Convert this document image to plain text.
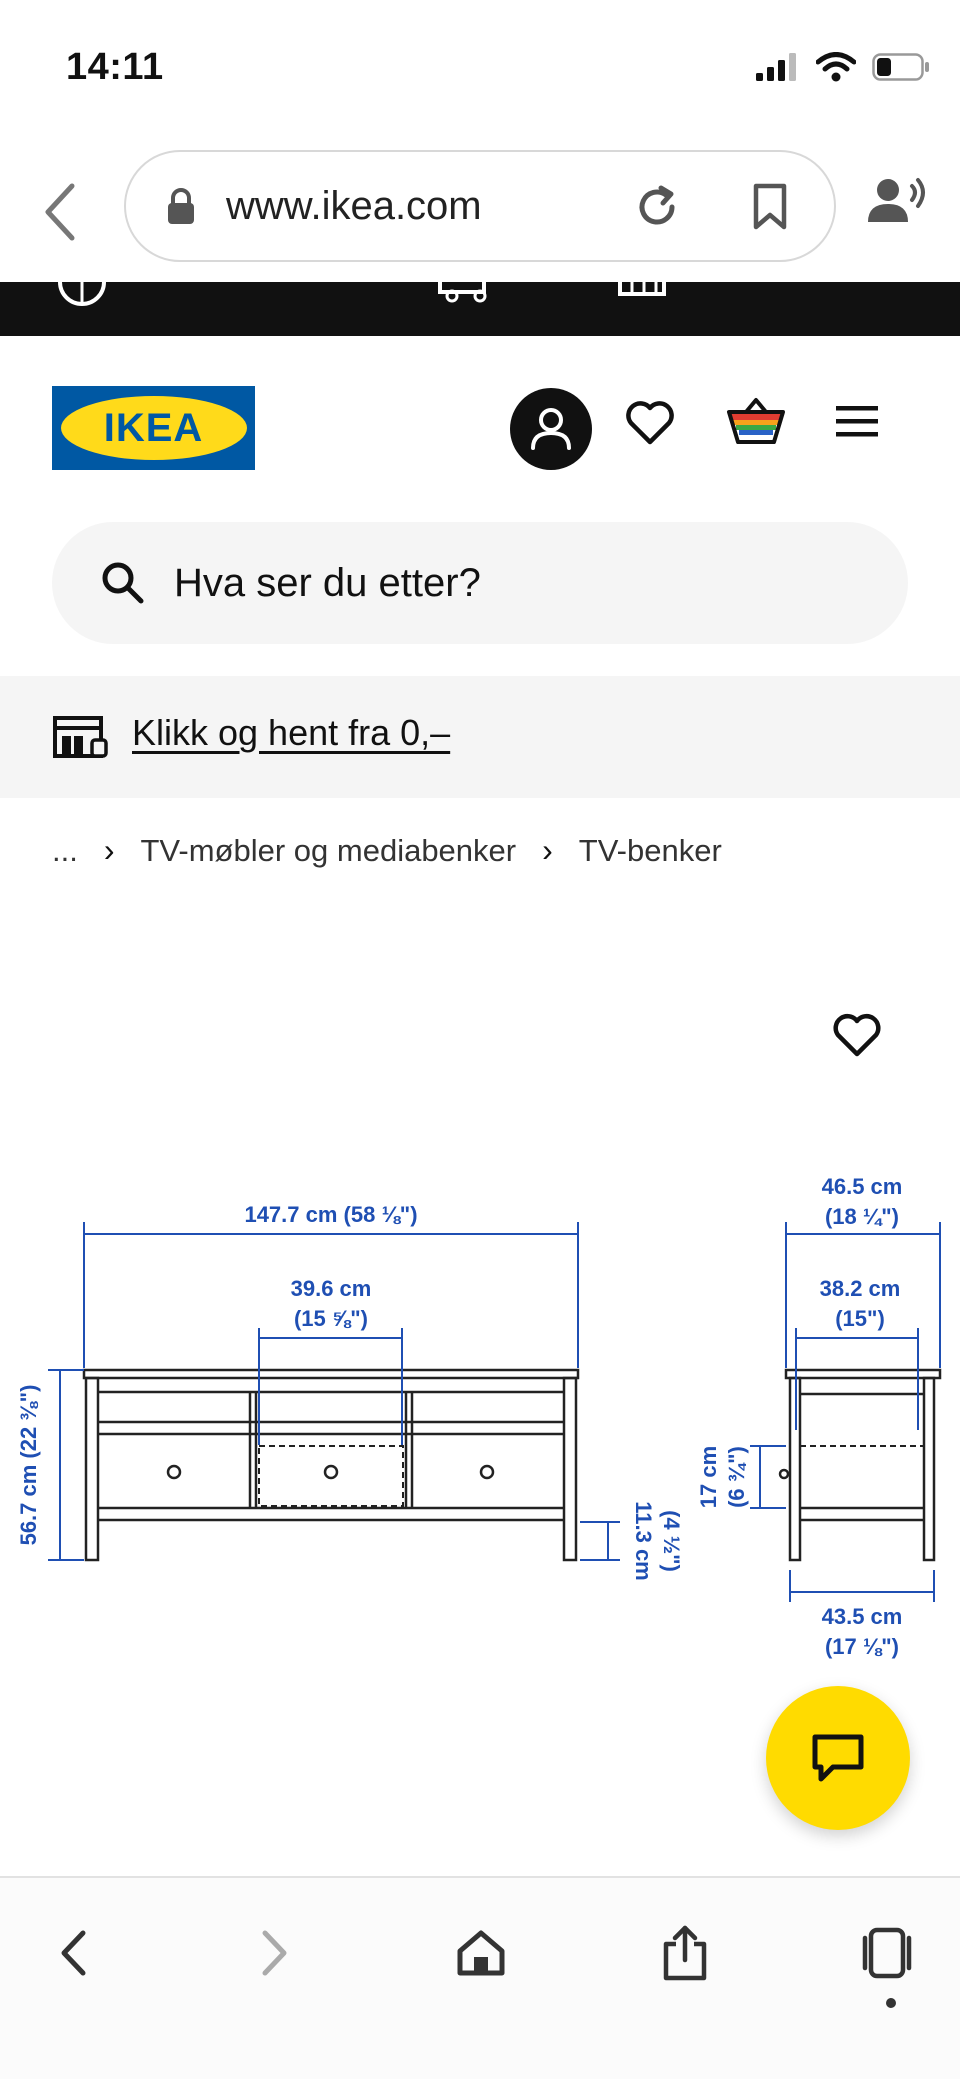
14:11
www.ikea.com
IKEA
Hva ser du etter?
Klikk og hent fra 0,–
... › TV-møbler og mediabenker › TV-benker
147.7 cm (58 ⅛")
39.6 cm
(15 ⅝")
56.7 cm (22 ⅜")	11.3 cm (4 ½")
46.5 cm
(18 ¼")
38.2 cm
(15")
17 cm (6 ¾")
43.5 cm
(17 ⅛")
